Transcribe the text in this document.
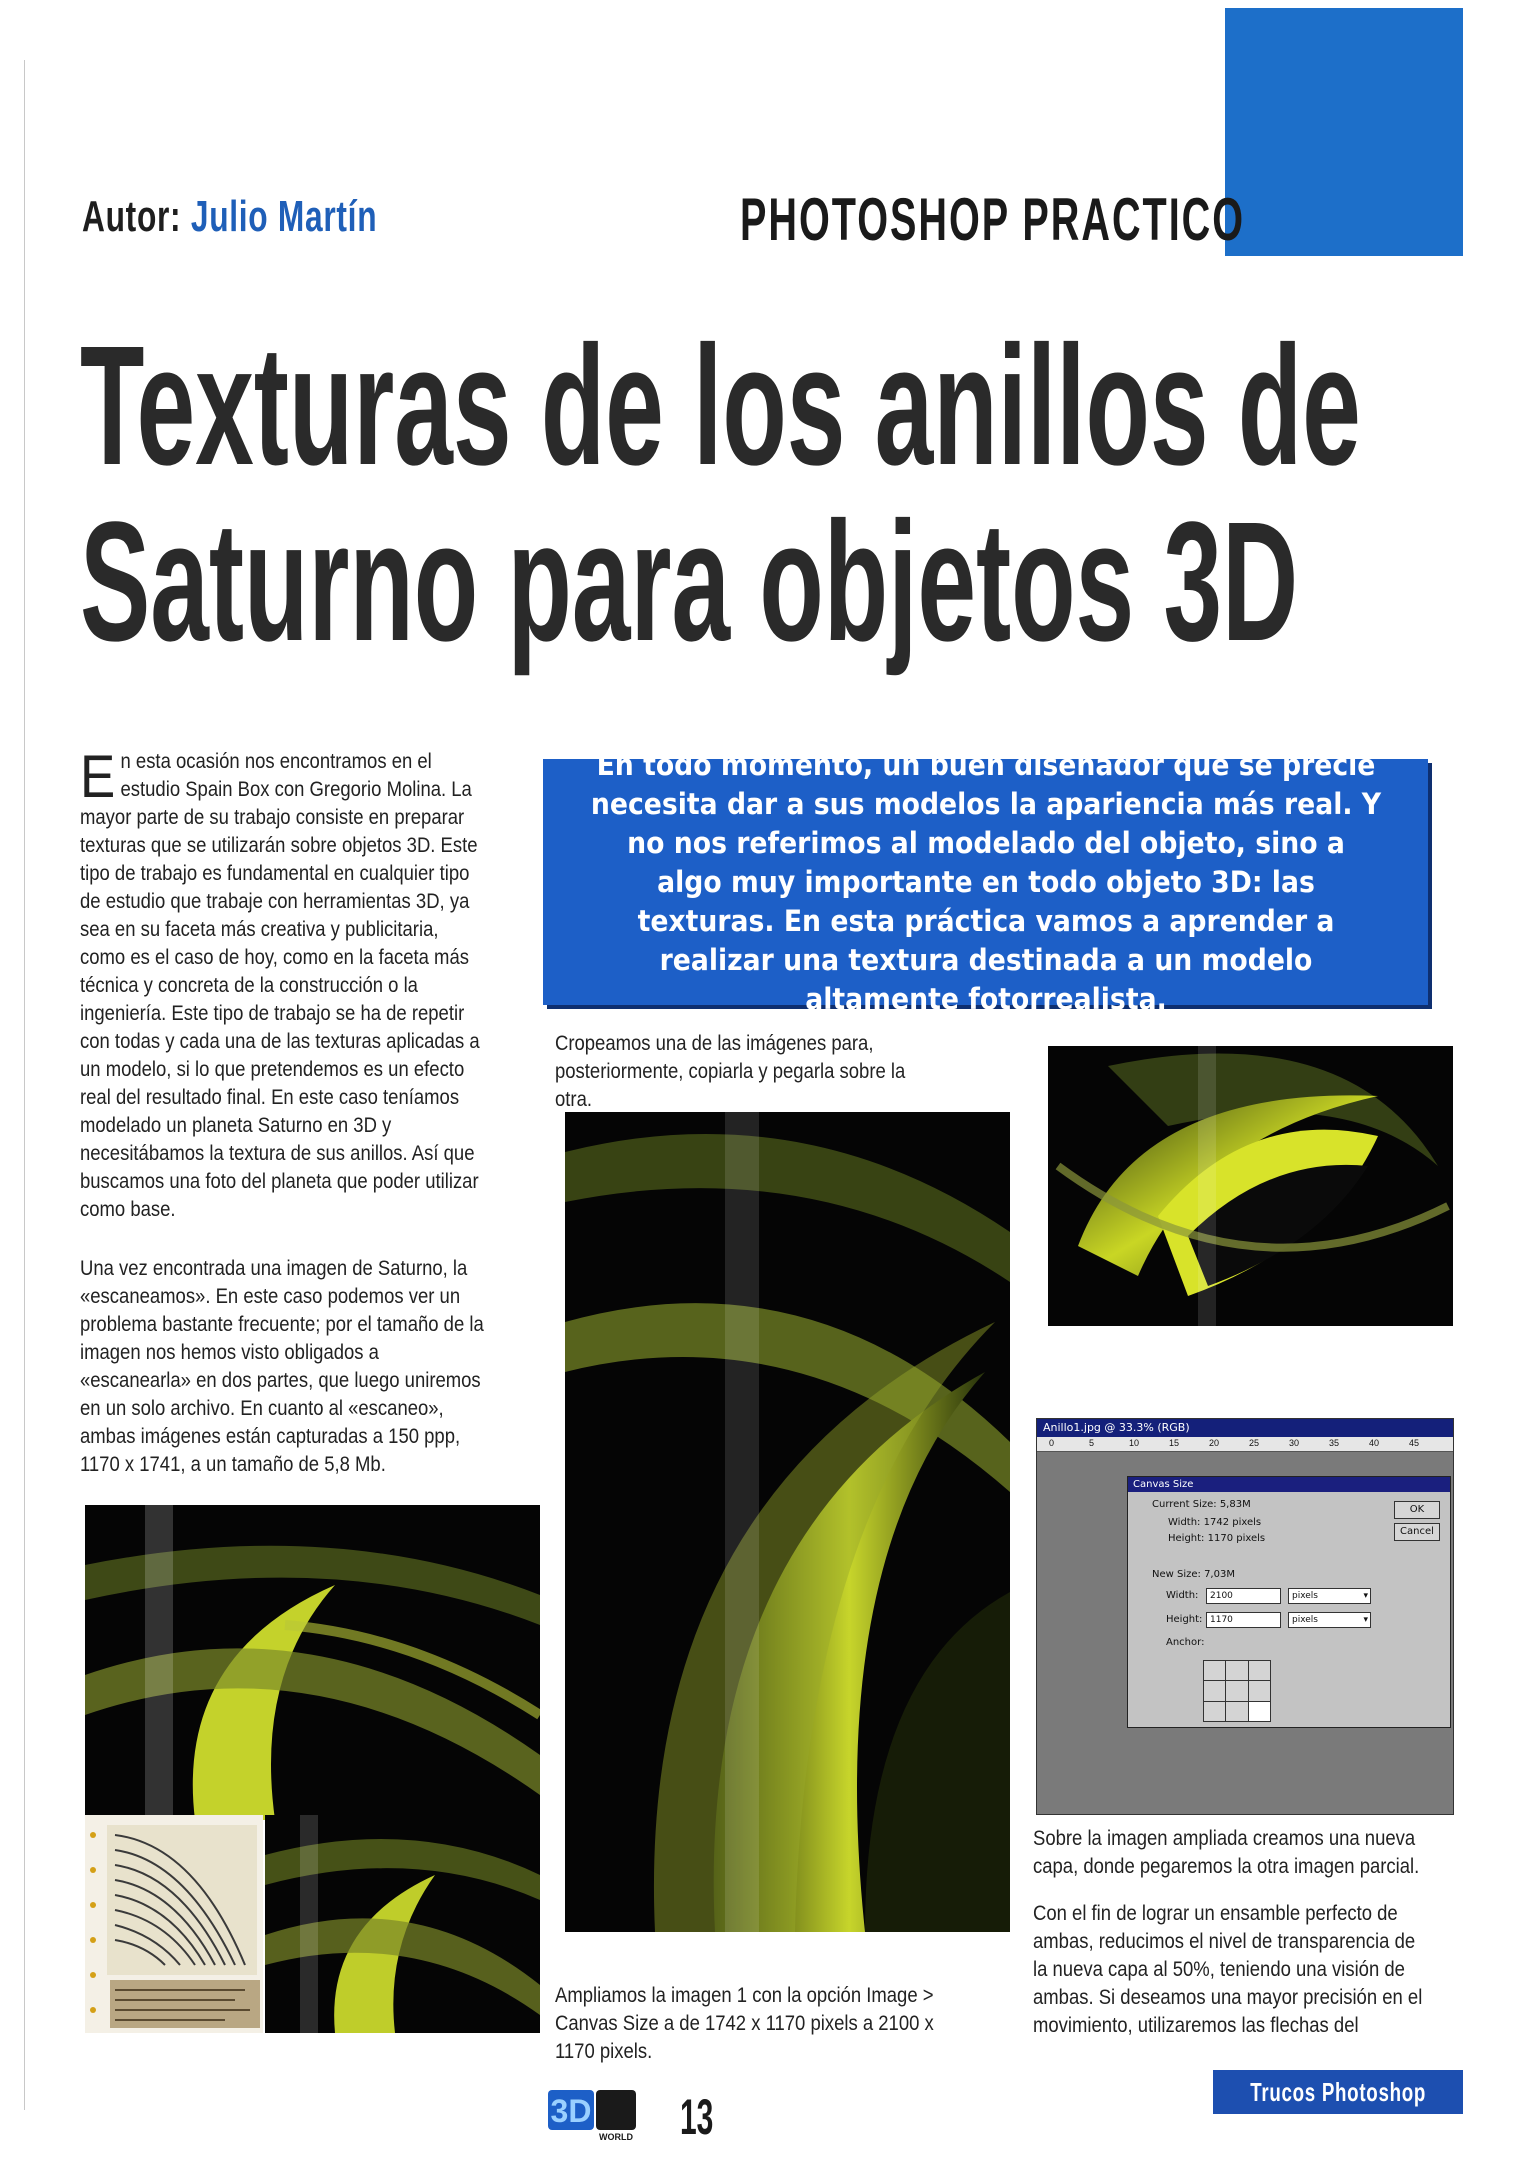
Autor: Julio Martín	PHOTOSHOP PRACTICO
Texturas de los anillos de
Saturno para objetos 3D
En esta ocasión nos encontramos en el estudio Spain Box con Gregorio Molina. La mayor parte de su trabajo consiste en preparar texturas que se utilizarán sobre objetos 3D. Este tipo de trabajo es fundamental en cualquier tipo de estudio que trabaje con herramientas 3D, ya sea en su faceta más creativa y publicitaria, como es el caso de hoy, como en la faceta más técnica y concreta de la construcción o la ingeniería. Este tipo de trabajo se ha de repetir con todas y cada una de las texturas aplicadas a un modelo, si lo que pretendemos es un efecto real del resultado final. En este caso teníamos modelado un planeta Saturno en 3D y necesitábamos la textura de sus anillos. Así que buscamos una foto del planeta que poder utilizar como base.
Una vez encontrada una imagen de Saturno, la «escaneamos». En este caso podemos ver un problema bastante frecuente; por el tamaño de la imagen nos hemos visto obligados a «escanearla» en dos partes, que luego uniremos en un solo archivo. En cuanto al «escaneo», ambas imágenes están capturadas a 150 ppp, 1170 x 1741, a un tamaño de 5,8 Mb.
En todo momento, un buen diseñador que se precie necesita dar a sus modelos la apariencia más real. Y no nos referimos al modelado del objeto, sino a algo muy importante en todo objeto 3D: las texturas. En esta práctica vamos a aprender a realizar una textura destinada a un modelo altamente fotorrealista.
Cropeamos una de las imágenes para, posteriormente, copiarla y pegarla sobre la otra.
Ampliamos la imagen 1 con la opción Image > Canvas Size a de 1742 x 1170 pixels a 2100 x 1170 pixels.
Sobre la imagen ampliada creamos una nueva capa, donde pegaremos la otra imagen parcial.
Con el fin de lograr un ensamble perfecto de ambas, reducimos el nivel de transparencia de la nueva capa al 50%, teniendo una visión de ambas. Si deseamos una mayor precisión en el movimiento, utilizaremos las flechas del
Anillo1.jpg @ 33.3% (RGB)
0	5	10	15	20	25	30	35	40	45
Canvas Size
Current Size: 5,83M
Width: 1742 pixels
Height: 1170 pixels
OK
Cancel
New Size: 7,03M
Width:	2100	pixels ▾
Height: 1170	pixels ▾
Anchor:
3D
WORLD 13	Trucos Photoshop
